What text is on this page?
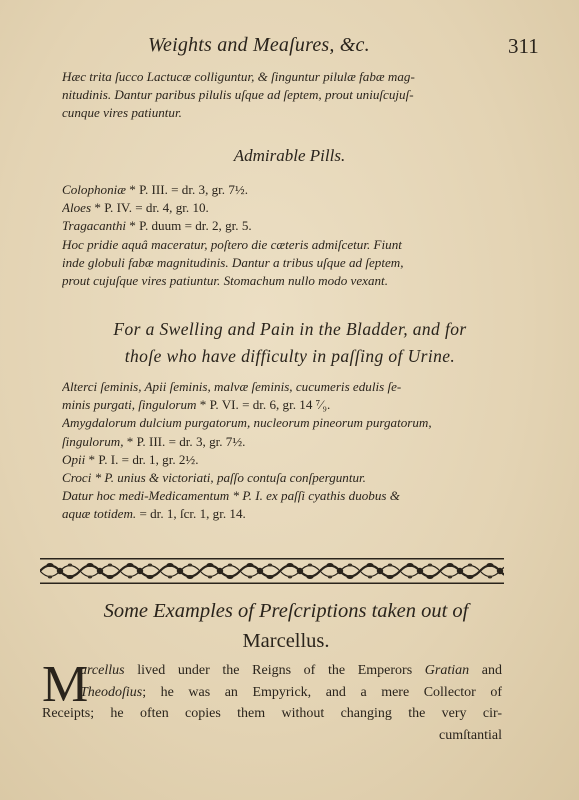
Weights and Meaſures, &c.	311
Hæc trita ſucco Lactucæ colliguntur, & ſinguntur pilulæ fabæ mag-
nitudinis. Dantur paribus pilulis uſque ad ſeptem, prout uniuſcujuſ-
cunque vires patiuntur.
Admirable Pills.
Colophoniæ * P. III. = dr. 3, gr. 7½.
Aloes * P. IV. = dr. 4, gr. 10.
Tragacanthi * P. duum = dr. 2, gr. 5.
Hoc pridie aquâ maceratur, poſtero die cæteris admiſcetur. Fiunt
inde globuli fabæ magnitudinis. Dantur a tribus uſque ad ſeptem,
prout cujuſque vires patiuntur. Stomachum nullo modo vexant.
For a Swelling and Pain in the Bladder, and for
thoſe who have difficulty in paſſing of Urine.
Alterci ſeminis, Apii ſeminis, malvæ ſeminis, cucumeris edulis ſe-
minis purgati, ſingulorum * P. VI. = dr. 6, gr. 14 ⁷⁄₉.
Amygdalorum dulcium purgatorum, nucleorum pineorum purgatorum,
ſingulorum, * P. III. = dr. 3, gr. 7½.
Opii * P. I. = dr. 1, gr. 2½.
Croci * P. unius & victoriati, paſſo contuſa conſperguntur.
Datur hoc medi-Medicamentum * P. I. ex paſſi cyathis duobus &
aquæ totidem. = dr. 1, ſcr. 1, gr. 14.
Some Examples of Preſcriptions taken out of
Marcellus.
M
arcellus lived under the Reigns of the Emperors Gratian and
Theodoſius; he was an Empyrick, and a mere Collector of
Receipts; he often copies them without changing the very cir-
cumſtantial
